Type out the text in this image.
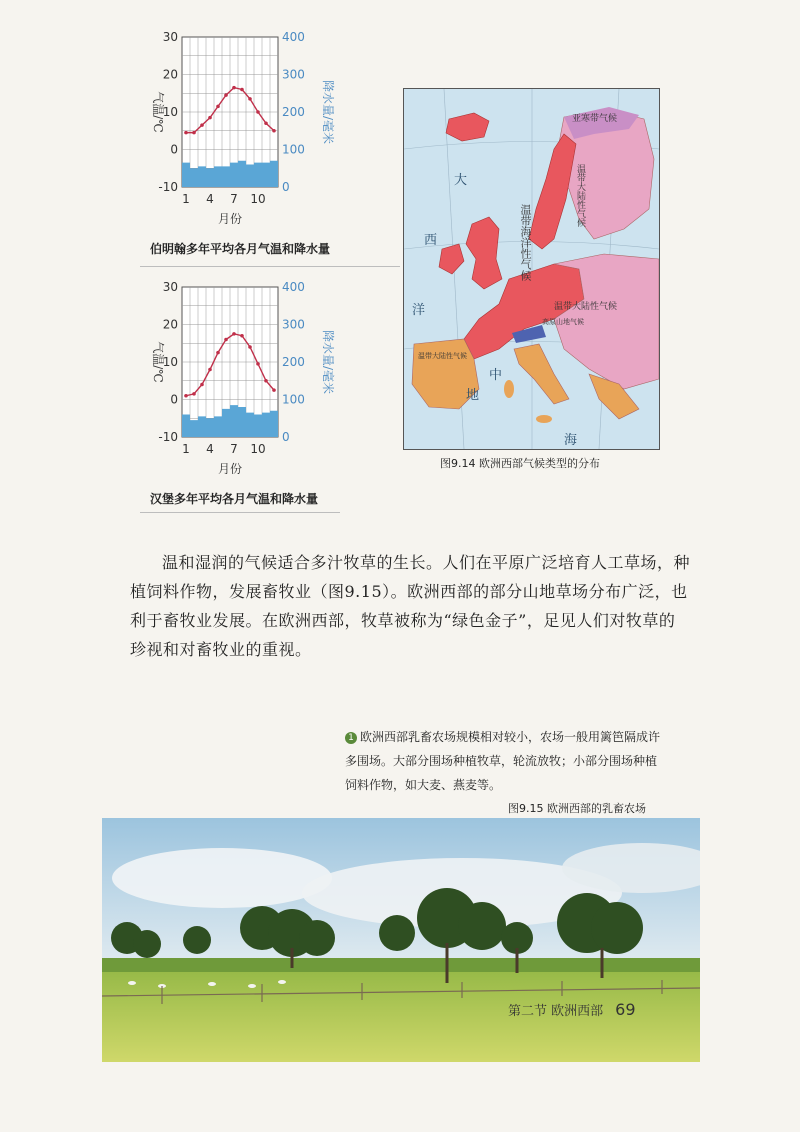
30
20
10
0
-10
400
300
200
100
0
1 4 7 10
月份
气温/℃	降水量/毫米
伯明翰多年平均各月气温和降水量
30
20
10
0
-10
400
300
200
100
0
1 4 7 10
月份
气温/℃	降水量/毫米
汉堡多年平均各月气温和降水量
亚寒带气候
温带大陆性气候
温带海洋性气候
温带大陆性气候
高原山地气候
温带大陆性气候
大
西
洋
地
中
海
图9.14 欧洲西部气候类型的分布

温和湿润的气候适合多汁牧草的生长。人们在平原广泛培育人工草场，种植饲料作物，发展畜牧业（图9.15）。欧洲西部的部分山地草场分布广泛，也利于畜牧业发展。在欧洲西部，牧草被称为“绿色金子”，足见人们对牧草的珍视和对畜牧业的重视。

1 欧洲西部乳畜农场规模相对较小，农场一般用篱笆隔成许多围场。大部分围场种植牧草，轮流放牧；小部分围场种植饲料作物，如大麦、燕麦等。
图9.15 欧洲西部的乳畜农场
第二节 欧洲西部 69
